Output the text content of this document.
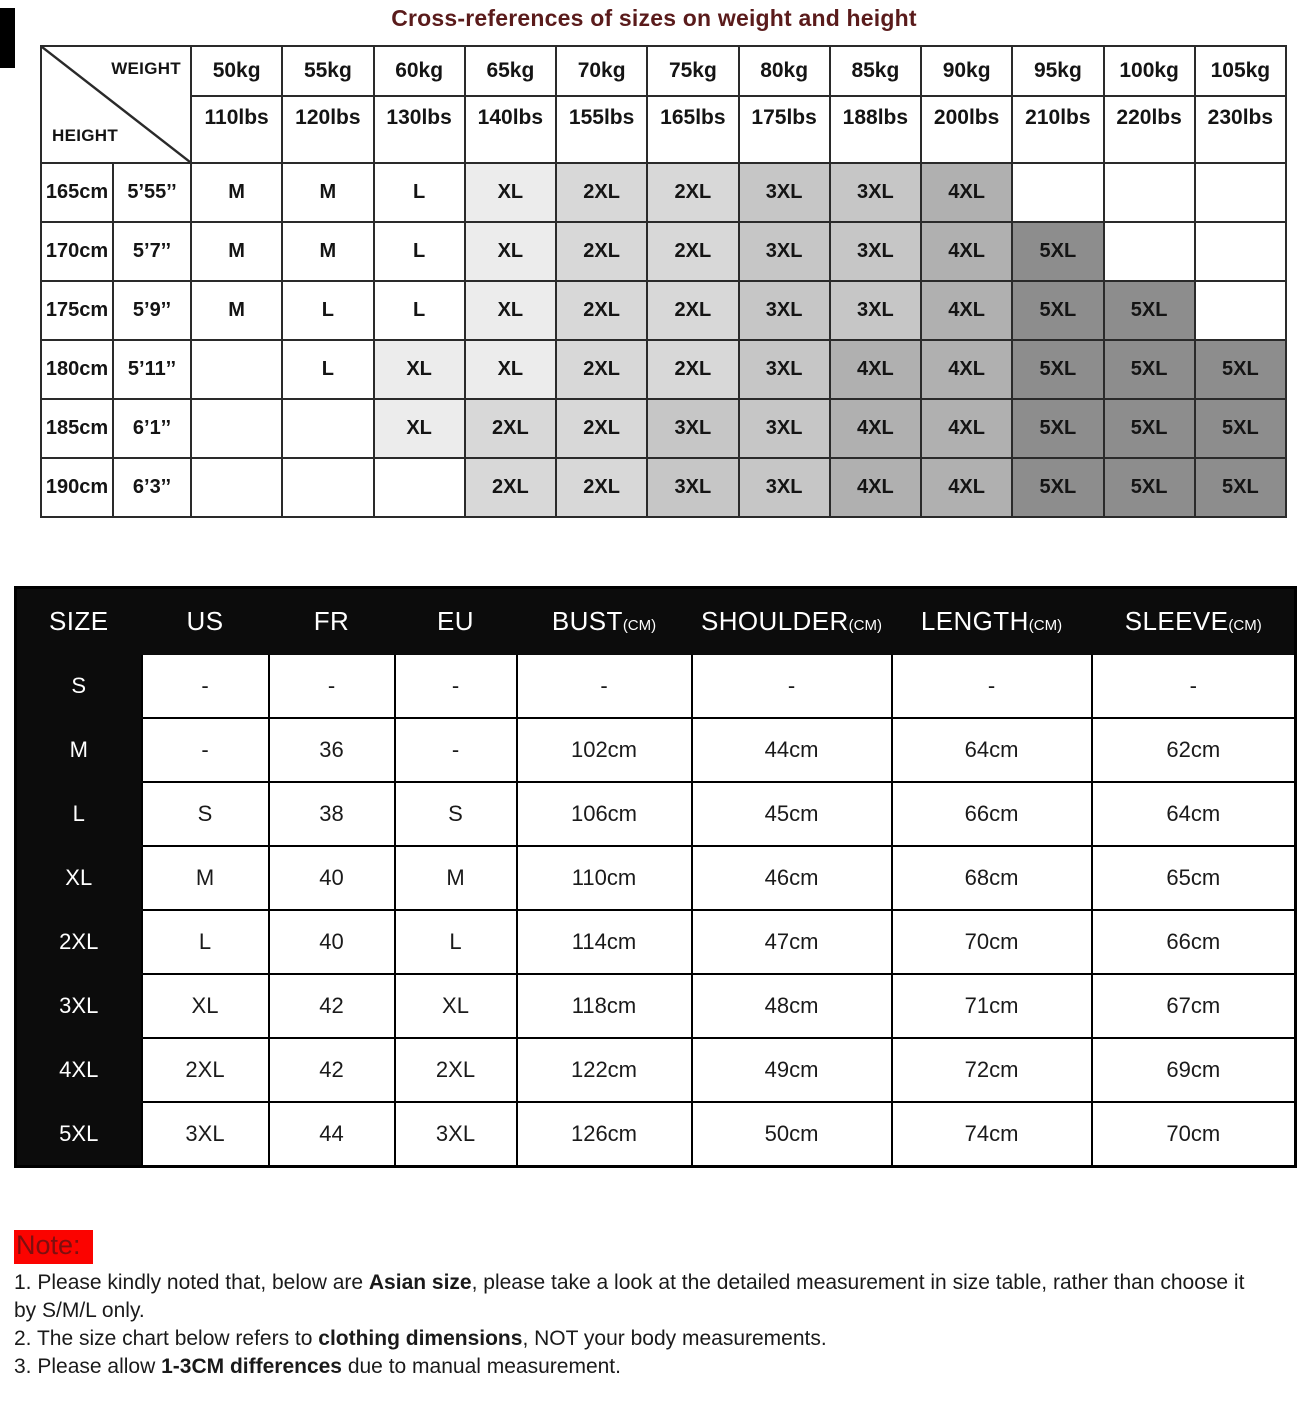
Cross-references of sizes on weight and height
WEIGHT
HEIGHT		50kg	55kg	60kg	65kg	70kg	75kg	80kg	85kg	90kg	95kg	100kg	105kg
		110lbs	120lbs	130lbs	140lbs	155lbs	165lbs	175lbs	188lbs	200lbs	210lbs	220lbs	230lbs
165cm	5’55’’	M	M	L	XL	2XL	2XL	3XL	3XL	4XL			
170cm	5’7’’	M	M	L	XL	2XL	2XL	3XL	3XL	4XL	5XL		
175cm	5’9’’	M	L	L	XL	2XL	2XL	3XL	3XL	4XL	5XL	5XL	
180cm	5’11’’		L	XL	XL	2XL	2XL	3XL	4XL	4XL	5XL	5XL	5XL
185cm	6’1’’			XL	2XL	2XL	3XL	3XL	4XL	4XL	5XL	5XL	5XL
190cm	6’3’’				2XL	2XL	3XL	3XL	4XL	4XL	5XL	5XL	5XL
SIZE	US	FR	EU	BUST(CM)	SHOULDER(CM)	LENGTH(CM)	SLEEVE(CM)
S	-	-	-	-	-	-	-
M	-	36	-	102cm	44cm	64cm	62cm
L	S	38	S	106cm	45cm	66cm	64cm
XL	M	40	M	110cm	46cm	68cm	65cm
2XL	L	40	L	114cm	47cm	70cm	66cm
3XL	XL	42	XL	118cm	48cm	71cm	67cm
4XL	2XL	42	2XL	122cm	49cm	72cm	69cm
5XL	3XL	44	3XL	126cm	50cm	74cm	70cm
Note:
1. Please kindly noted that, below are Asian size, please take a look at the detailed measurement in size table, rather than choose it by S/M/L only.
2. The size chart below refers to clothing dimensions, NOT your body measurements.
3. Please allow 1-3CM differences due to manual measurement.
